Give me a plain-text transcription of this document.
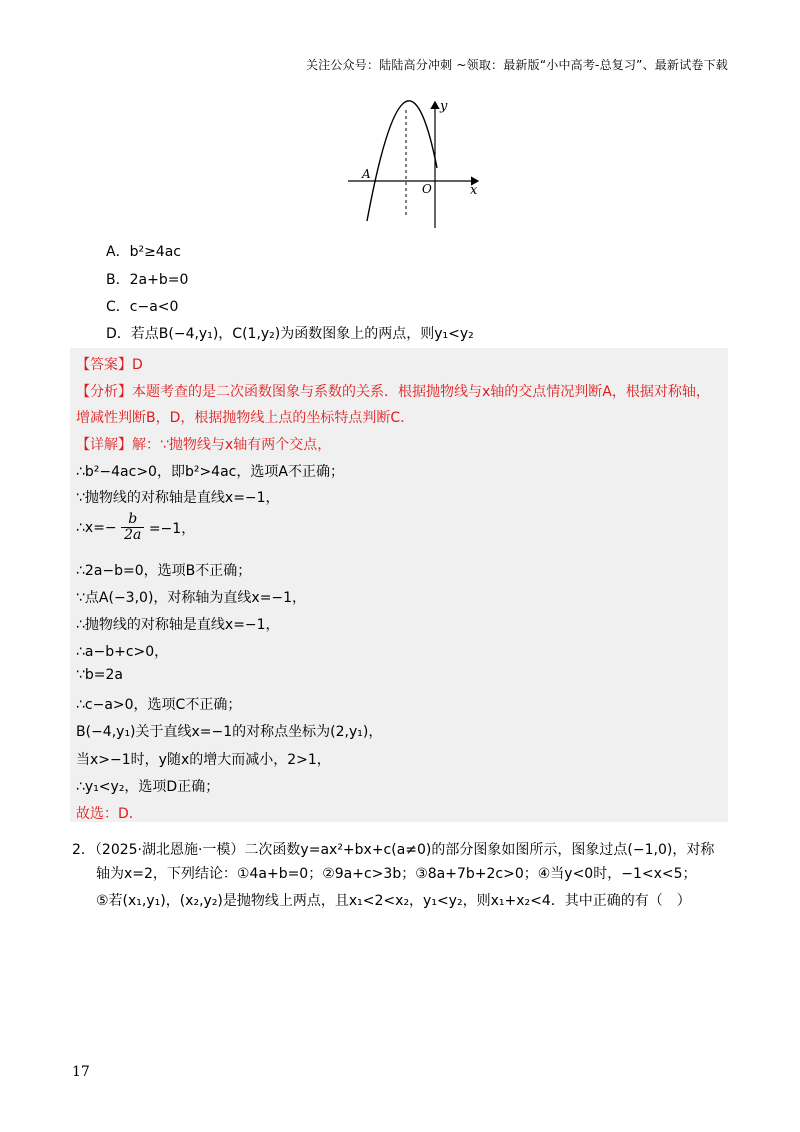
关注公众号：陆陆高分冲刺 ~领取：最新版“小中高考-总复习”、最新试卷下载
y
x
O
A
A．b²≥4ac
B．2a+b=0
C．c−a<0
D．若点B(−4,y₁)，C(1,y₂)为函数图象上的两点，则y₁<y₂
【答案】D
【分析】本题考查的是二次函数图象与系数的关系．根据抛物线与x轴的交点情况判断A，根据对称轴，
增减性判断B，D，根据抛物线上点的坐标特点判断C．
【详解】解：∵抛物线与x轴有两个交点，
∴b²−4ac>0，即b²>4ac，选项A不正确；
∵抛物线的对称轴是直线x=−1，
∴x=− $\frac{b}{2a} =-1$，
∴2a−b=0，选项B不正确；
∵点A(−3,0)，对称轴为直线x=−1，
∴抛物线的对称轴是直线x=−1，
∴a−b+c>0，
∵b=2a
∴c−a>0，选项C不正确；
B(−4,y₁)关于直线x=−1的对称点坐标为(2,y₁)，
当x>−1时，y随x的增大而减小，2>1，
∴y₁<y₂，选项D正确；
故选：D．
2．（2025·湖北恩施·一模）二次函数y=ax²+bx+c(a≠0)的部分图象如图所示，图象过点(−1,0)，对称
轴为x=2，下列结论：①4a+b=0；②9a+c>3b；③8a+7b+2c>0；④当y<0时，−1<x<5；
⑤若(x₁,y₁)，(x₂,y₂)是抛物线上两点，且x₁<2<x₂，y₁<y₂，则x₁+x₂<4．其中正确的有（　）
17
